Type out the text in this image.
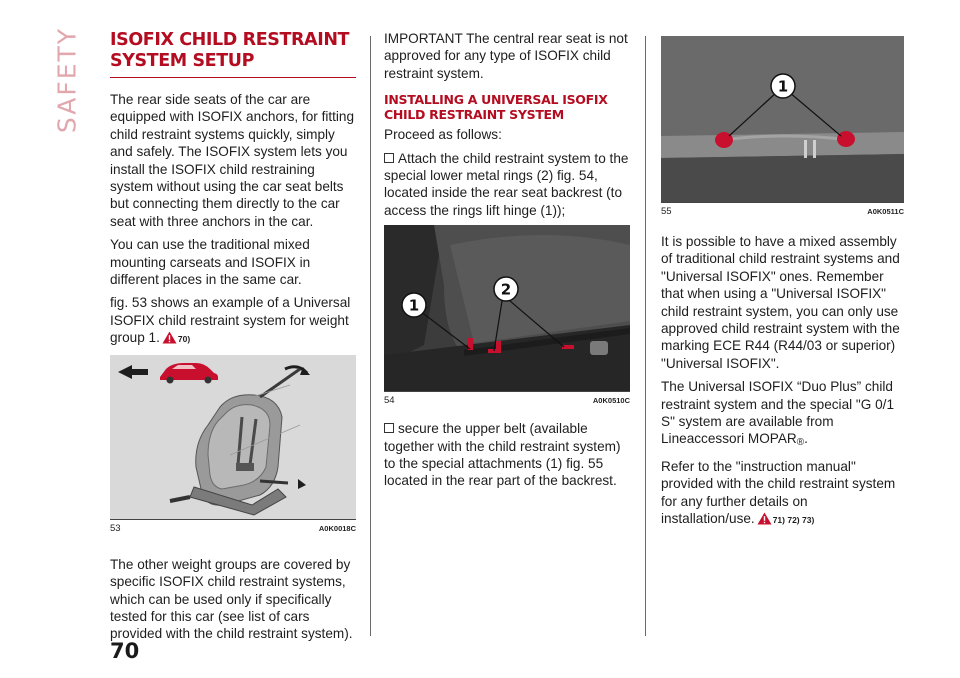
SAFETY ISOFIX CHILD RESTRAINT
SYSTEM SETUP

The rear side seats of the car are equipped with ISOFIX anchors, for fitting child restraint systems quickly, simply and safely. The ISOFIX system lets you install the ISOFIX child restraining system without using the car seat belts but connecting them directly to the car seat with three anchors in the car.

You can use the traditional mixed mounting carseats and ISOFIX in different places in the same car.

fig. 53 shows an example of a Universal ISOFIX child restraint system for weight group 1. 70)

53	A0K0018C

The other weight groups are covered by specific ISOFIX child restraint systems, which can be used only if specifically tested for this car (see list of cars provided with the child restraint system).

IMPORTANT The central rear seat is not approved for any type of ISOFIX child restraint system.

INSTALLING A UNIVERSAL ISOFIX
CHILD RESTRAINT SYSTEM

Proceed as follows:

Attach the child restraint system to the special lower metal rings (2) fig. 54, located inside the rear seat backrest (to access the rings lift hinge (1));

1
2
54	A0K0510C

secure the upper belt (available together with the child restraint system) to the special attachments (1) fig. 55 located in the rear part of the backrest.

1
55	A0K0511C

It is possible to have a mixed assembly of traditional child restraint systems and "Universal ISOFIX" ones. Remember that when using a "Universal ISOFIX" child restraint system, you can only use approved child restraint system with the marking ECE R44 (R44/03 or superior) "Universal ISOFIX".

The Universal ISOFIX “Duo Plus” child restraint system and the special "G 0/1 S" system are available from Lineaccessori MOPAR®.

Refer to the "instruction manual" provided with the child restraint system for any further details on installation/use. 71) 72) 73)

70
